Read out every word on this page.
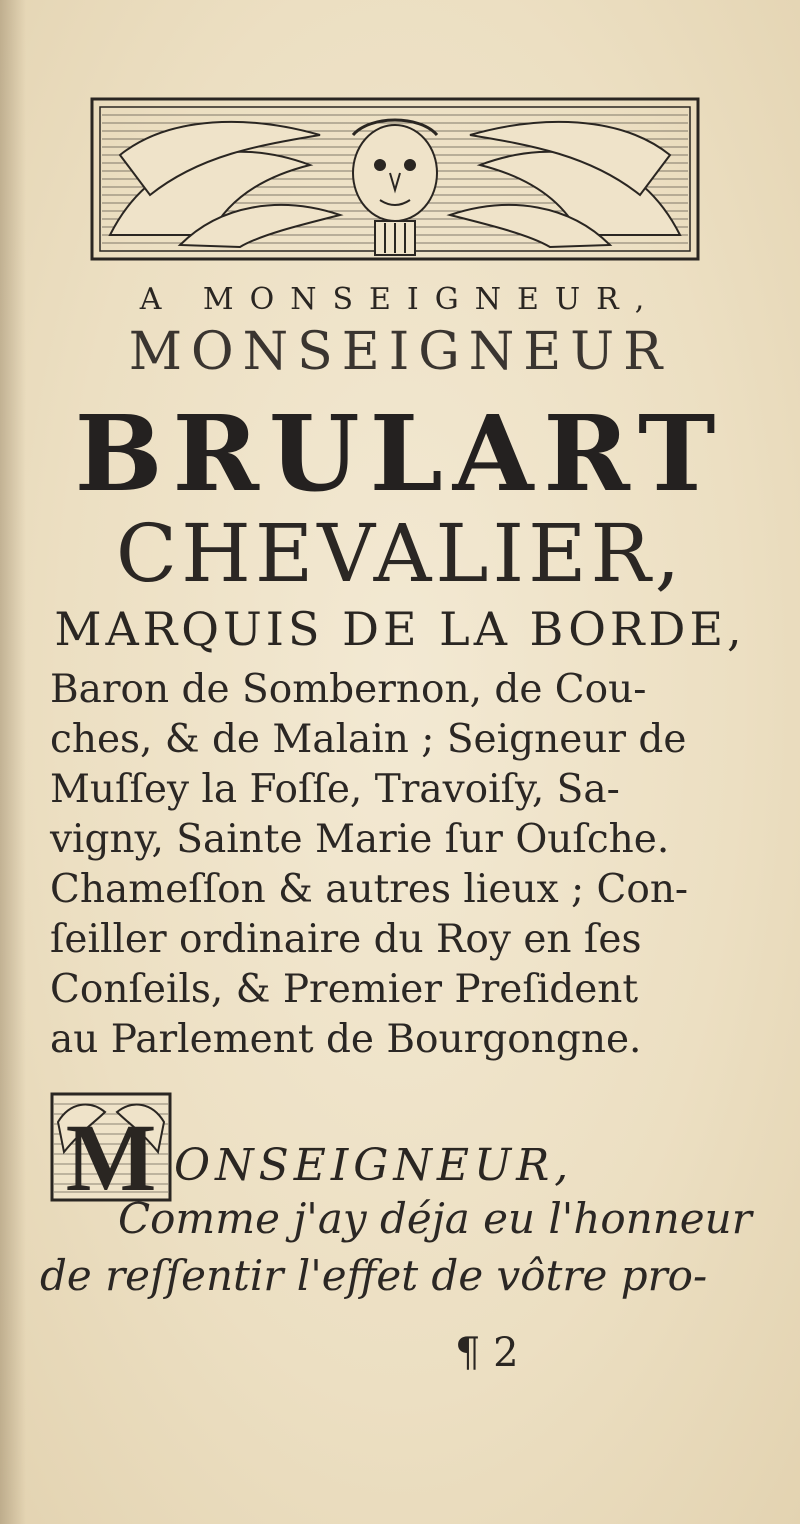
A MONSEIGNEUR,
MONSEIGNEUR
BRULART
CHEVALIER,
MARQUIS DE LA BORDE,
Baron de Sombernon, de Cou-
ches, & de Malain ; Seigneur de
Muſſey la Foſſe, Travoiſy, Sa-
vigny, Sainte Marie ſur Ouſche.
Chameſſon & autres lieux ; Con-
ſeiller ordinaire du Roy en ſes
Conſeils, & Premier Preſident
au Parlement de Bourgongne.
M ONSEIGNEUR,
Comme j'ay déja eu l'honneur
de reſſentir l'effet de vôtre pro-
¶ 2
